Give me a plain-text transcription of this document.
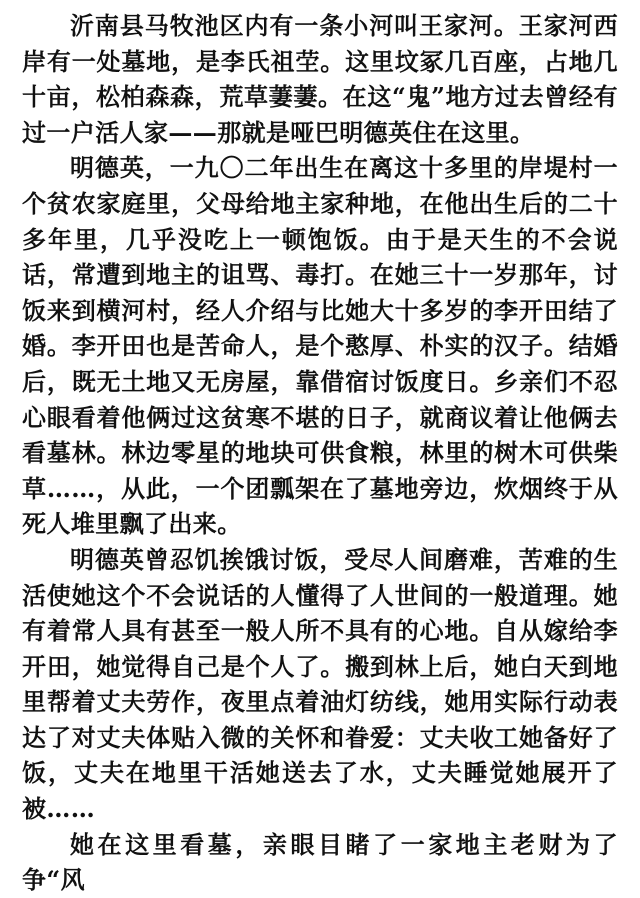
沂南县马牧池区内有一条小河叫王家河。王家河西岸有一处墓地，是李氏祖茔。这里坟冢几百座，占地几十亩，松柏森森，荒草萋萋。在这“鬼”地方过去曾经有过一户活人家——那就是哑巴明德英住在这里。

明德英，一九〇二年出生在离这十多里的岸堤村一个贫农家庭里，父母给地主家种地，在他出生后的二十多年里，几乎没吃上一顿饱饭。由于是天生的不会说话，常遭到地主的诅骂、毒打。在她三十一岁那年，讨饭来到横河村，经人介绍与比她大十多岁的李开田结了婚。李开田也是苦命人，是个憨厚、朴实的汉子。结婚后，既无土地又无房屋，靠借宿讨饭度日。乡亲们不忍心眼看着他俩过这贫寒不堪的日子，就商议着让他俩去看墓林。林边零星的地块可供食粮，林里的树木可供柴草……，从此，一个团瓢架在了墓地旁边，炊烟终于从死人堆里飘了出来。

明德英曾忍饥挨饿讨饭，受尽人间磨难，苦难的生活使她这个不会说话的人懂得了人世间的一般道理。她有着常人具有甚至一般人所不具有的心地。自从嫁给李开田，她觉得自己是个人了。搬到林上后，她白天到地里帮着丈夫劳作，夜里点着油灯纺线，她用实际行动表达了对丈夫体贴入微的关怀和眷爱：丈夫收工她备好了饭，丈夫在地里干活她送去了水，丈夫睡觉她展开了被……

她在这里看墓，亲眼目睹了一家地主老财为了争“风
